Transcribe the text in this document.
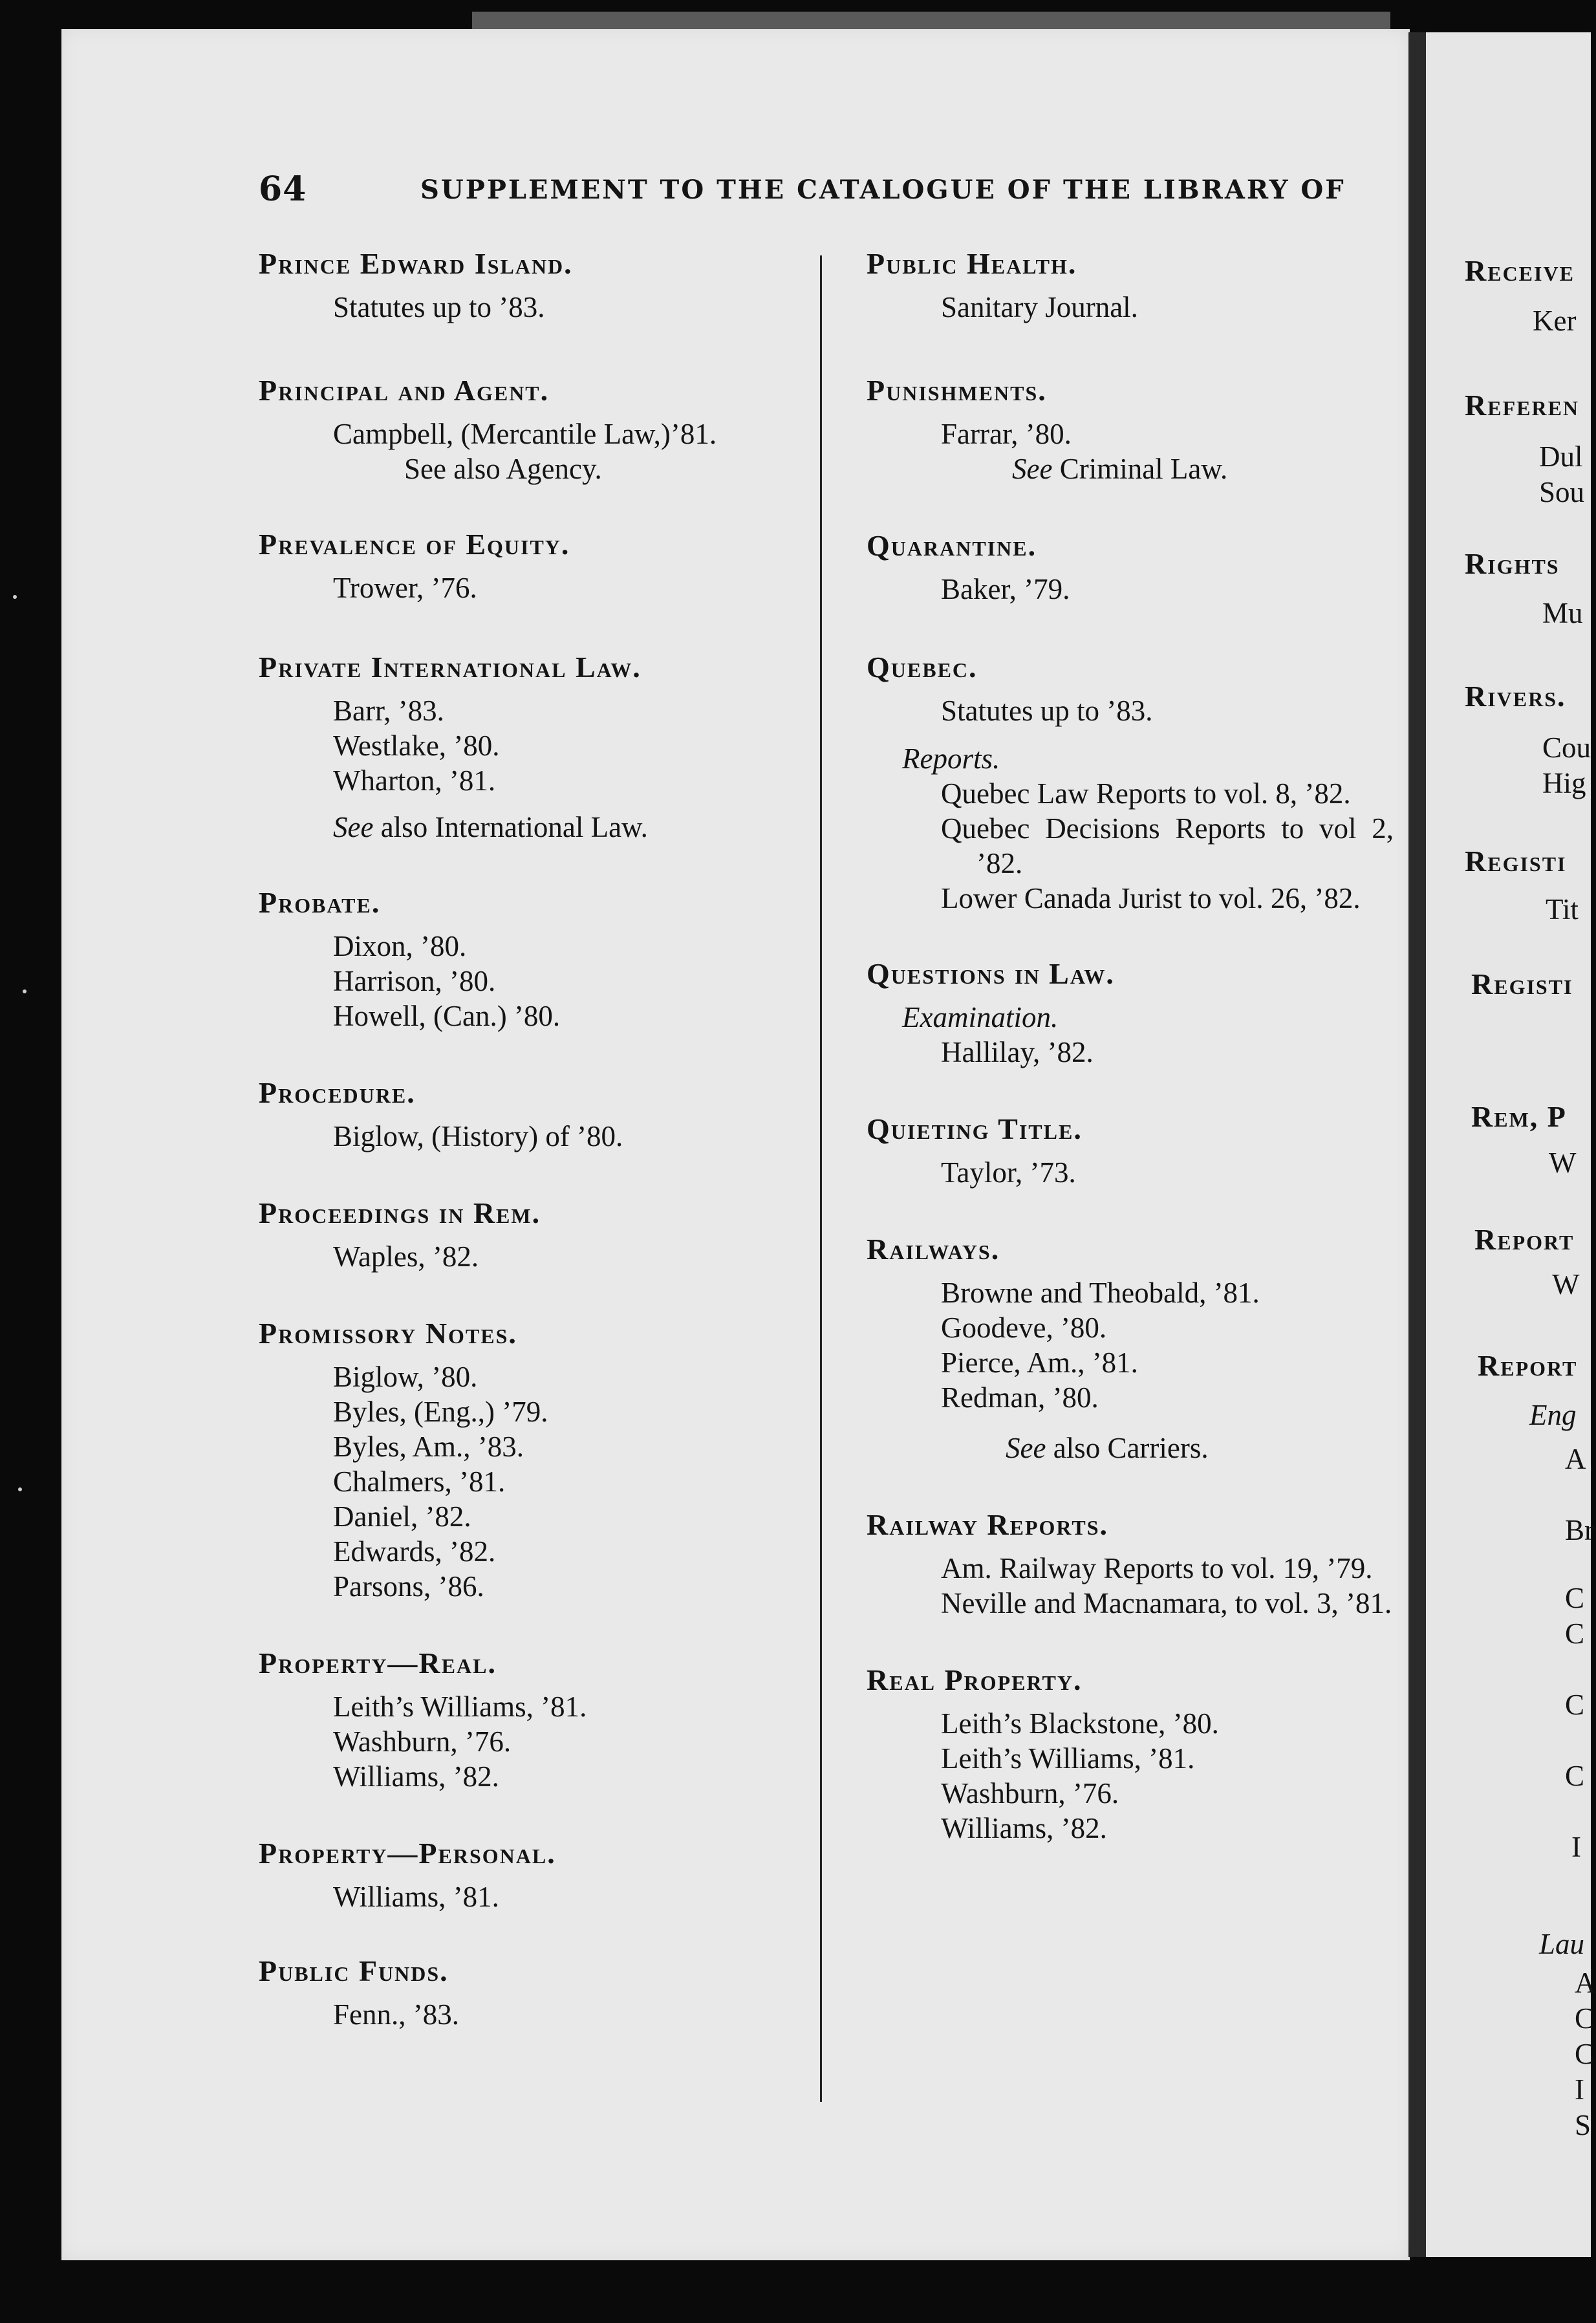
Receive
Ker
Referen
Dul
Sou
Rights
Mu
Rivers.
Cou
Hig
Registi
Tit
Registi
Rem, P
W
Report
W
Report
Eng
A
Br
C
C
C
C
I
Lau
A
C
C
I
S
64	SUPPLEMENT TO THE CATALOGUE OF THE LIBRARY OF
Prince Edward Island.
Statutes up to ’83.
Principal and Agent.
Campbell, (Mercantile Law,)’81.
See also Agency.
Prevalence of Equity.
Trower, ’76.
Private International Law.
Barr, ’83.
Westlake, ’80.
Wharton, ’81.
See also International Law.
Probate.
Dixon, ’80.
Harrison, ’80.
Howell, (Can.) ’80.
Procedure.
Biglow, (History) of ’80.
Proceedings in Rem.
Waples, ’82.
Promissory Notes.
Biglow, ’80.
Byles, (Eng.,) ’79.
Byles, Am., ’83.
Chalmers, ’81.
Daniel, ’82.
Edwards, ’82.
Parsons, ’86.
Property—Real.
Leith’s Williams, ’81.
Washburn, ’76.
Williams, ’82.
Property—Personal.
Williams, ’81.
Public Funds.
Fenn., ’83.
Public Health.
Sanitary Journal.
Punishments.
Farrar, ’80.
See Criminal Law.
Quarantine.
Baker, ’79.
Quebec.
Statutes up to ’83.
Reports.
Quebec Law Reports to vol. 8, ’82.
Quebec Decisions Reports to vol 2, ’82.
Lower Canada Jurist to vol. 26, ’82.
Questions in Law.
Examination.
Hallilay, ’82.
Quieting Title.
Taylor, ’73.
Railways.
Browne and Theobald, ’81.
Goodeve, ’80.
Pierce, Am., ’81.
Redman, ’80.
See also Carriers.
Railway Reports.
Am. Railway Reports to vol. 19, ’79.
Neville and Macnamara, to vol. 3, ’81.
Real Property.
Leith’s Blackstone, ’80.
Leith’s Williams, ’81.
Washburn, ’76.
Williams, ’82.
